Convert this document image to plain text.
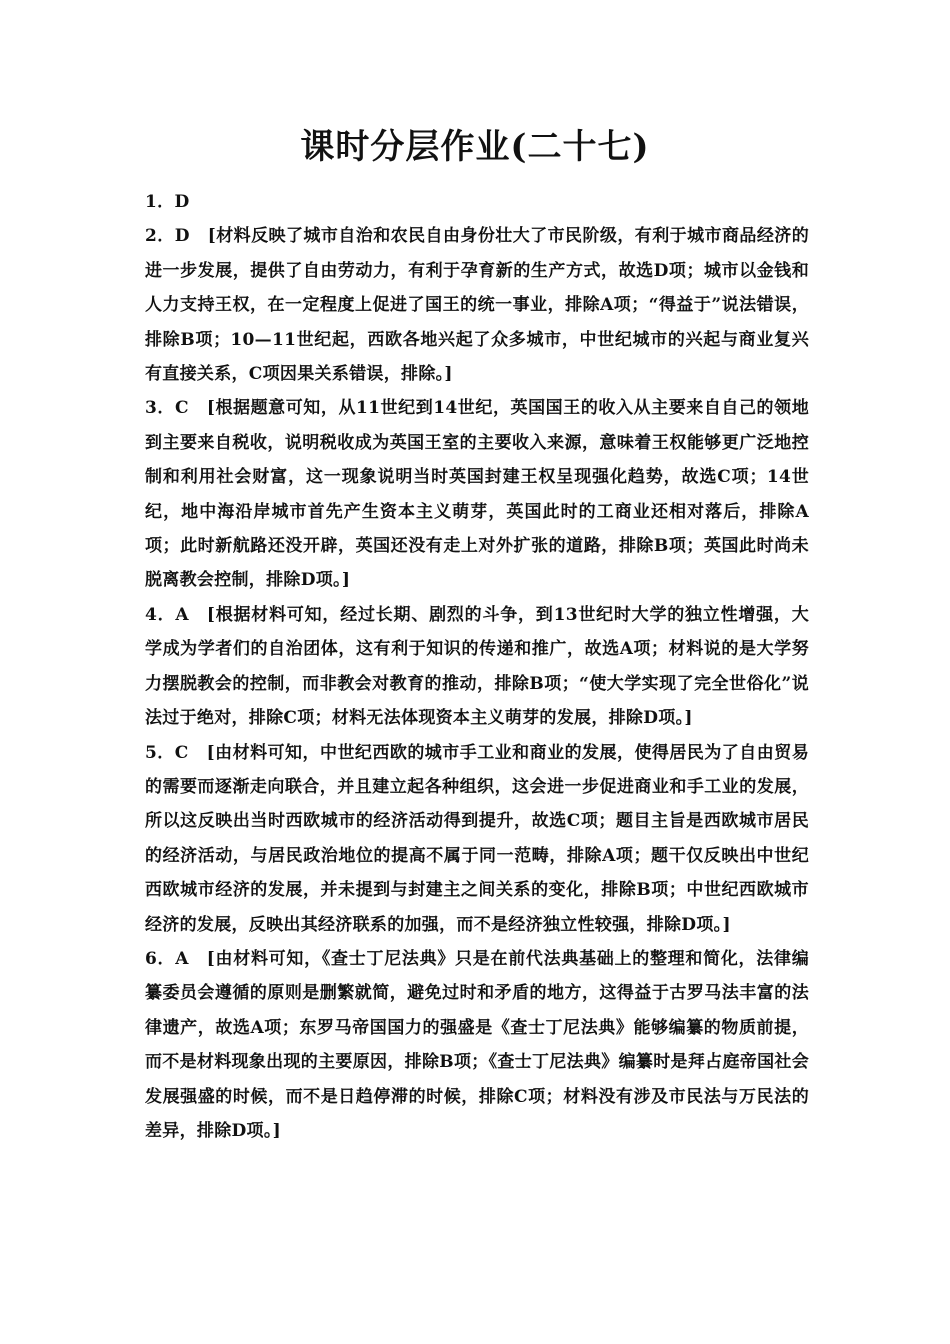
课时分层作业(二十七)
1．D
2．D [材料反映了城市自治和农民自由身份壮大了市民阶级，有利于城市商品经济的进一步发展，提供了自由劳动力，有利于孕育新的生产方式，故选D项；城市以金钱和人力支持王权，在一定程度上促进了国王的统一事业，排除A项；“得益于”说法错误，排除B项；10—11世纪起，西欧各地兴起了众多城市，中世纪城市的兴起与商业复兴有直接关系，C项因果关系错误，排除。]
3．C [根据题意可知，从11世纪到14世纪，英国国王的收入从主要来自自己的领地到主要来自税收，说明税收成为英国王室的主要收入来源，意味着王权能够更广泛地控制和利用社会财富，这一现象说明当时英国封建王权呈现强化趋势，故选C项；14世纪，地中海沿岸城市首先产生资本主义萌芽，英国此时的工商业还相对落后，排除A项；此时新航路还没开辟，英国还没有走上对外扩张的道路，排除B项；英国此时尚未脱离教会控制，排除D项。]
4．A [根据材料可知，经过长期、剧烈的斗争，到13世纪时大学的独立性增强，大学成为学者们的自治团体，这有利于知识的传递和推广，故选A项；材料说的是大学努力摆脱教会的控制，而非教会对教育的推动，排除B项；“使大学实现了完全世俗化”说法过于绝对，排除C项；材料无法体现资本主义萌芽的发展，排除D项。]
5．C [由材料可知，中世纪西欧的城市手工业和商业的发展，使得居民为了自由贸易的需要而逐渐走向联合，并且建立起各种组织，这会进一步促进商业和手工业的发展，所以这反映出当时西欧城市的经济活动得到提升，故选C项；题目主旨是西欧城市居民的经济活动，与居民政治地位的提高不属于同一范畴，排除A项；题干仅反映出中世纪西欧城市经济的发展，并未提到与封建主之间关系的变化，排除B项；中世纪西欧城市经济的发展，反映出其经济联系的加强，而不是经济独立性较强，排除D项。]
6．A [由材料可知，《查士丁尼法典》只是在前代法典基础上的整理和简化，法律编纂委员会遵循的原则是删繁就简，避免过时和矛盾的地方，这得益于古罗马法丰富的法律遗产，故选A项；东罗马帝国国力的强盛是《查士丁尼法典》能够编纂的物质前提，而不是材料现象出现的主要原因，排除B项；《查士丁尼法典》编纂时是拜占庭帝国社会发展强盛的时候，而不是日趋停滞的时候，排除C项；材料没有涉及市民法与万民法的差异，排除D项。]
